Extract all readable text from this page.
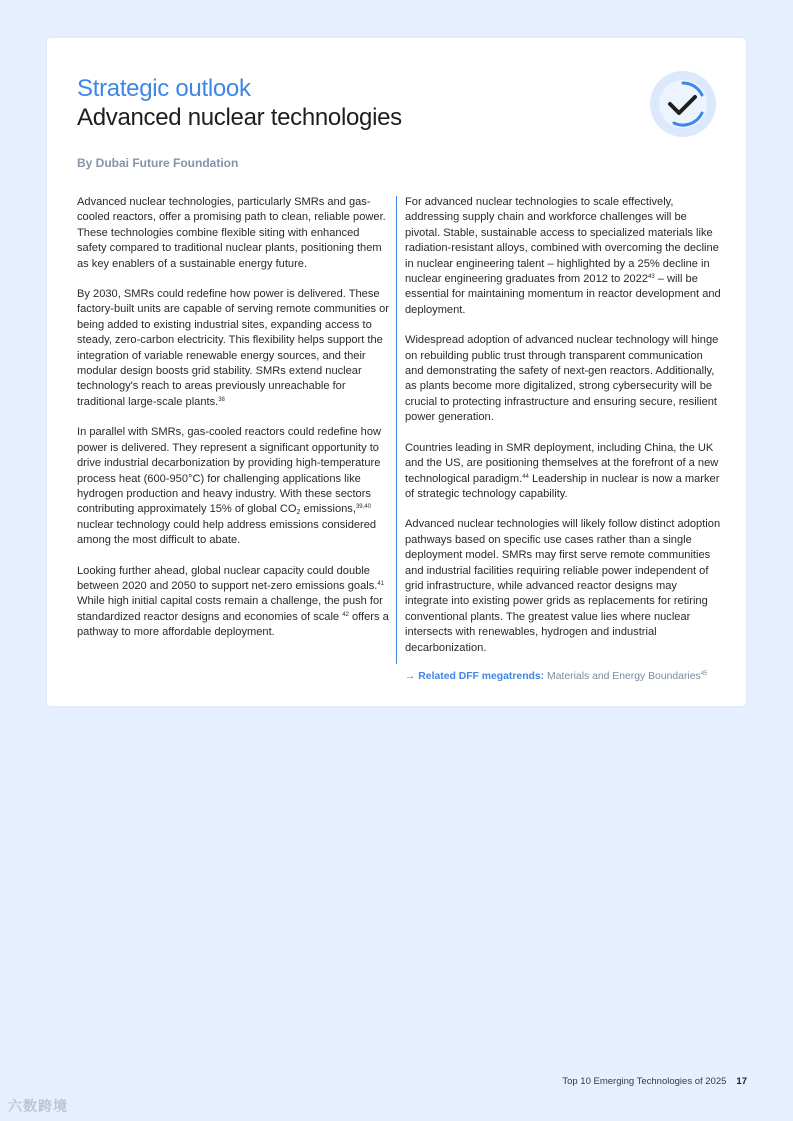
Strategic outlook
Advanced nuclear technologies
By Dubai Future Foundation

Advanced nuclear technologies, particularly SMRs and gas-cooled reactors, offer a promising path to clean, reliable power. These technologies combine flexible siting with enhanced safety compared to traditional nuclear plants, positioning them as key enablers of a sustainable energy future.

By 2030, SMRs could redefine how power is delivered. These factory-built units are capable of serving remote communities or being added to existing industrial sites, expanding access to steady, zero-carbon electricity. This flexibility helps support the integration of variable renewable energy sources, and their modular design boosts grid stability. SMRs extend nuclear technology's reach to areas previously unreachable for traditional large-scale plants.$^{38}$

In parallel with SMRs, gas-cooled reactors could redefine how power is delivered. They represent a significant opportunity to drive industrial decarbonization by providing high-temperature process heat (600-950°C) for challenging applications like hydrogen production and heavy industry. With these sectors contributing approximately 15% of global $CO_2$ emissions,$^{39,40}$ nuclear technology could help address emissions considered among the most difficult to abate.

Looking further ahead, global nuclear capacity could double between 2020 and 2050 to support net-zero emissions goals.$^{41}$ While high initial capital costs remain a challenge, the push for standardized reactor designs and economies of scale $^{42}$ offers a pathway to more affordable deployment.

For advanced nuclear technologies to scale effectively, addressing supply chain and workforce challenges will be pivotal. Stable, sustainable access to specialized materials like radiation-resistant alloys, combined with overcoming the decline in nuclear engineering talent – highlighted by a 25% decline in nuclear engineering graduates from 2012 to 2022$^{43}$ – will be essential for maintaining momentum in reactor development and deployment.

Widespread adoption of advanced nuclear technology will hinge on rebuilding public trust through transparent communication and demonstrating the safety of next-gen reactors. Additionally, as plants become more digitalized, strong cybersecurity will be crucial to protecting infrastructure and ensuring secure, resilient power generation.

Countries leading in SMR deployment, including China, the UK and the US, are positioning themselves at the forefront of a new technological paradigm.$^{44}$ Leadership in nuclear is now a marker of strategic technology capability.

Advanced nuclear technologies will likely follow distinct adoption pathways based on specific use cases rather than a single deployment model. SMRs may first serve remote communities and industrial facilities requiring reliable power independent of grid infrastructure, while advanced reactor designs may integrate into existing power grids as replacements for retiring conventional plants. The greatest value lies where nuclear intersects with renewables, hydrogen and industrial decarbonization.

→ Related DFF megatrends: Materials and Energy Boundaries$^{45}$
Top 10 Emerging Technologies of 2025 17
六数跨境
